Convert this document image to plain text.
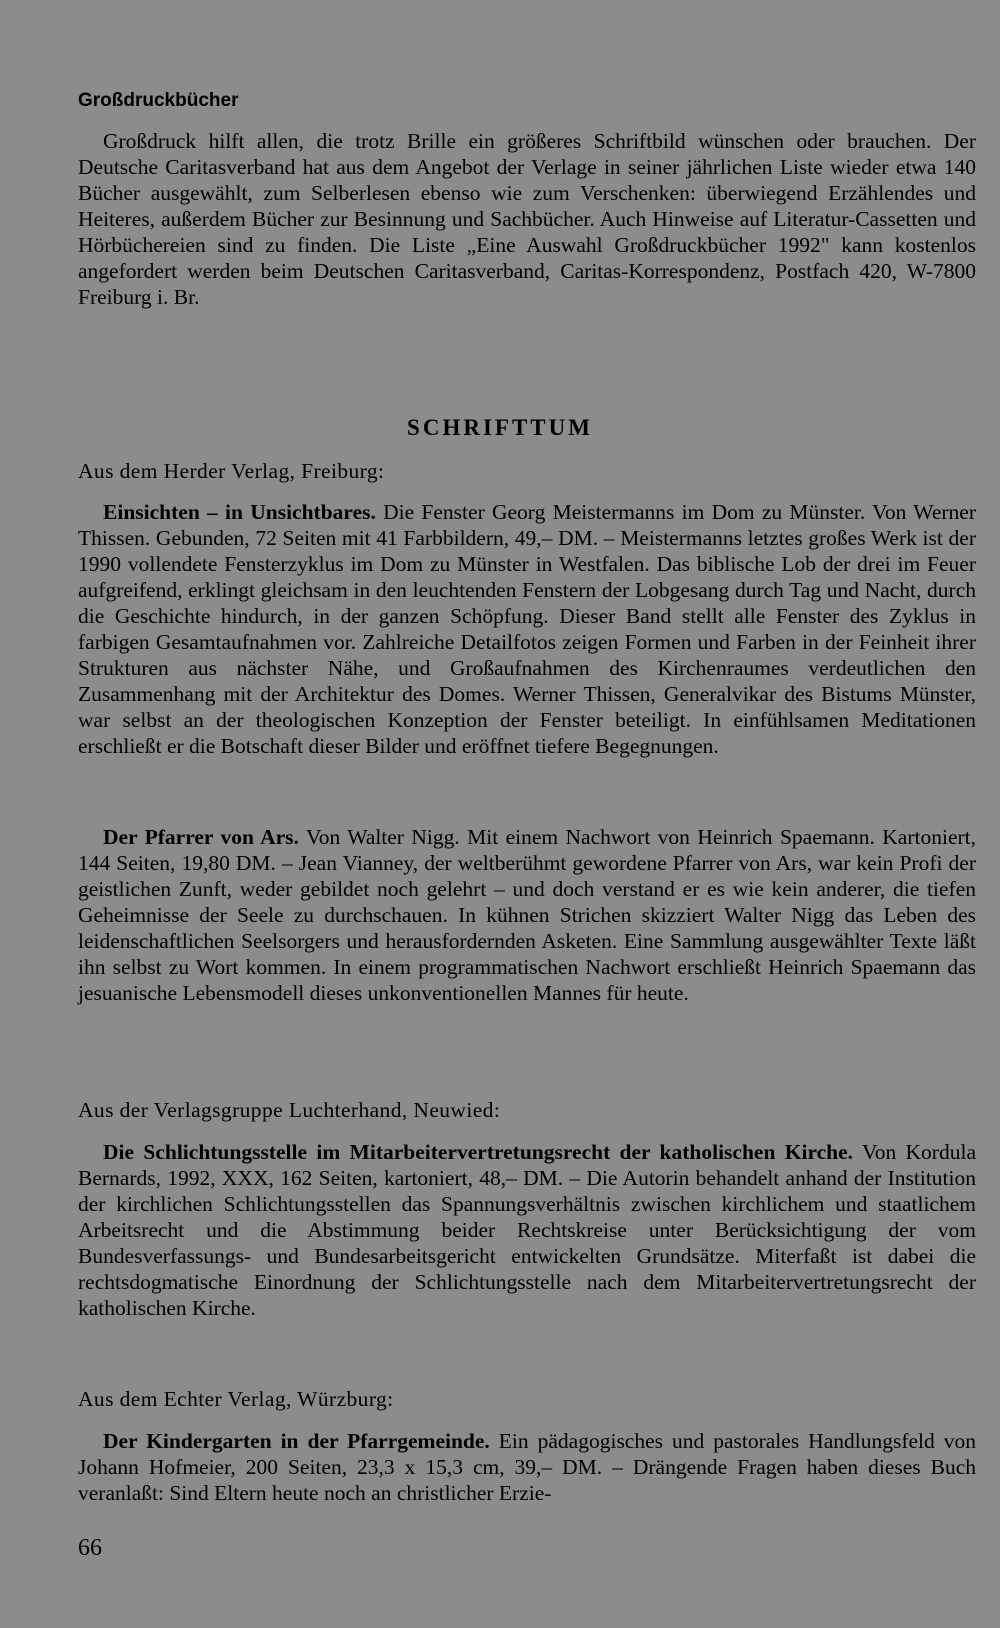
Großdruckbücher

Großdruck hilft allen, die trotz Brille ein größeres Schriftbild wünschen oder brauchen. Der Deutsche Caritasverband hat aus dem Angebot der Verlage in seiner jährlichen Liste wieder etwa 140 Bücher ausgewählt, zum Selberlesen ebenso wie zum Verschenken: überwiegend Erzählendes und Heiteres, außerdem Bücher zur Besinnung und Sachbücher. Auch Hinweise auf Literatur-Cassetten und Hörbüchereien sind zu finden. Die Liste „Eine Auswahl Großdruckbücher 1992" kann kostenlos angefordert werden beim Deutschen Caritasverband, Caritas-Korrespondenz, Postfach 420, W-7800 Freiburg i. Br.

SCHRIFTTUM

Aus dem Herder Verlag, Freiburg:

Einsichten – in Unsichtbares. Die Fenster Georg Meistermanns im Dom zu Münster. Von Werner Thissen. Gebunden, 72 Seiten mit 41 Farbbildern, 49,– DM. – Meistermanns letztes großes Werk ist der 1990 vollendete Fensterzyklus im Dom zu Münster in Westfalen. Das biblische Lob der drei im Feuer aufgreifend, erklingt gleichsam in den leuchtenden Fenstern der Lobgesang durch Tag und Nacht, durch die Geschichte hindurch, in der ganzen Schöpfung. Dieser Band stellt alle Fenster des Zyklus in farbigen Gesamtaufnahmen vor. Zahlreiche Detailfotos zeigen Formen und Farben in der Feinheit ihrer Strukturen aus nächster Nähe, und Großaufnahmen des Kirchenraumes verdeutlichen den Zusammenhang mit der Architektur des Domes. Werner Thissen, Generalvikar des Bistums Münster, war selbst an der theologischen Konzeption der Fenster beteiligt. In einfühlsamen Meditationen erschließt er die Botschaft dieser Bilder und eröffnet tiefere Begegnungen.

Der Pfarrer von Ars. Von Walter Nigg. Mit einem Nachwort von Heinrich Spaemann. Kartoniert, 144 Seiten, 19,80 DM. – Jean Vianney, der weltberühmt gewordene Pfarrer von Ars, war kein Profi der geistlichen Zunft, weder gebildet noch gelehrt – und doch verstand er es wie kein anderer, die tiefen Geheimnisse der Seele zu durchschauen. In kühnen Strichen skizziert Walter Nigg das Leben des leidenschaftlichen Seelsorgers und herausfordernden Asketen. Eine Sammlung ausgewählter Texte läßt ihn selbst zu Wort kommen. In einem programmatischen Nachwort erschließt Heinrich Spaemann das jesuanische Lebensmodell dieses unkonventionellen Mannes für heute.

Aus der Verlagsgruppe Luchterhand, Neuwied:

Die Schlichtungsstelle im Mitarbeitervertretungsrecht der katholischen Kirche. Von Kordula Bernards, 1992, XXX, 162 Seiten, kartoniert, 48,– DM. – Die Autorin behandelt anhand der Institution der kirchlichen Schlichtungsstellen das Spannungsverhältnis zwischen kirchlichem und staatlichem Arbeitsrecht und die Abstimmung beider Rechtskreise unter Berücksichtigung der vom Bundesverfassungs- und Bundesarbeitsgericht entwickelten Grundsätze. Miterfaßt ist dabei die rechtsdogmatische Einordnung der Schlichtungsstelle nach dem Mitarbeitervertretungsrecht der katholischen Kirche.

Aus dem Echter Verlag, Würzburg:

Der Kindergarten in der Pfarrgemeinde. Ein pädagogisches und pastorales Handlungsfeld von Johann Hofmeier, 200 Seiten, 23,3 x 15,3 cm, 39,– DM. – Drängende Fragen haben dieses Buch veranlaßt: Sind Eltern heute noch an christlicher Erzie-

66
